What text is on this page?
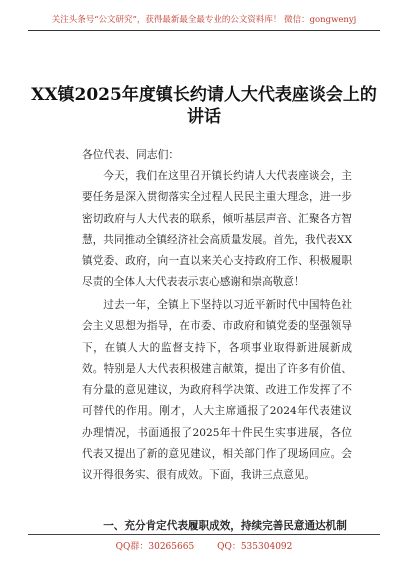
关注头条号“公文研究”，获得最新最全最专业的公文资料库！ 微信：gongwenyj
XX镇2025年度镇长约请人大代表座谈会上的讲话
各位代表、同志们：
今天，我们在这里召开镇长约请人大代表座谈会，主要任务是深入贯彻落实全过程人民民主重大理念，进一步密切政府与人大代表的联系，倾听基层声音、汇聚各方智慧，共同推动全镇经济社会高质量发展。首先，我代表XX镇党委、政府，向一直以来关心支持政府工作、积极履职尽责的全体人大代表表示衷心感谢和崇高敬意！
过去一年，全镇上下坚持以习近平新时代中国特色社会主义思想为指导，在市委、市政府和镇党委的坚强领导下，在镇人大的监督支持下，各项事业取得新进展新成效。特别是人大代表积极建言献策，提出了许多有价值、有分量的意见建议，为政府科学决策、改进工作发挥了不可替代的作用。刚才，人大主席通报了2024年代表建议办理情况，书面通报了2025年十件民生实事进展，各位代表又提出了新的意见建议，相关部门作了现场回应。会议开得很务实、很有成效。下面，我讲三点意见。
一、充分肯定代表履职成效，持续完善民意通达机制
QQ群：30265665	QQ：535304092
